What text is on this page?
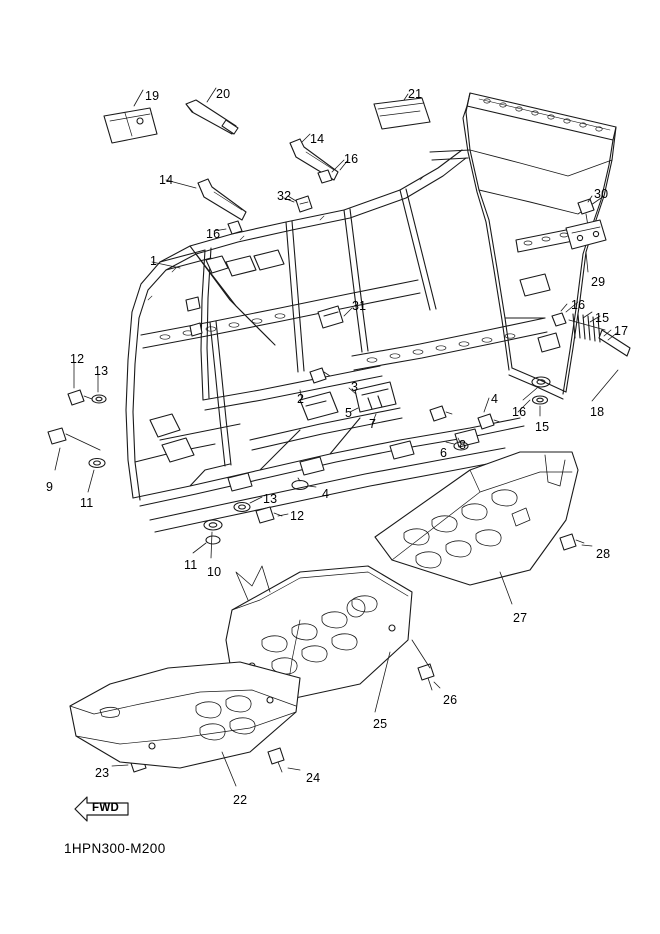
19	20	21
14
16
14
32	30
16
29
1
31	16
15
17
12
13
2
3
5
7
18
16
15
4
6
8
9
11
4
13
12
11 10
28
27
26
25
23	24
22
FWD
1HPN300-M200
